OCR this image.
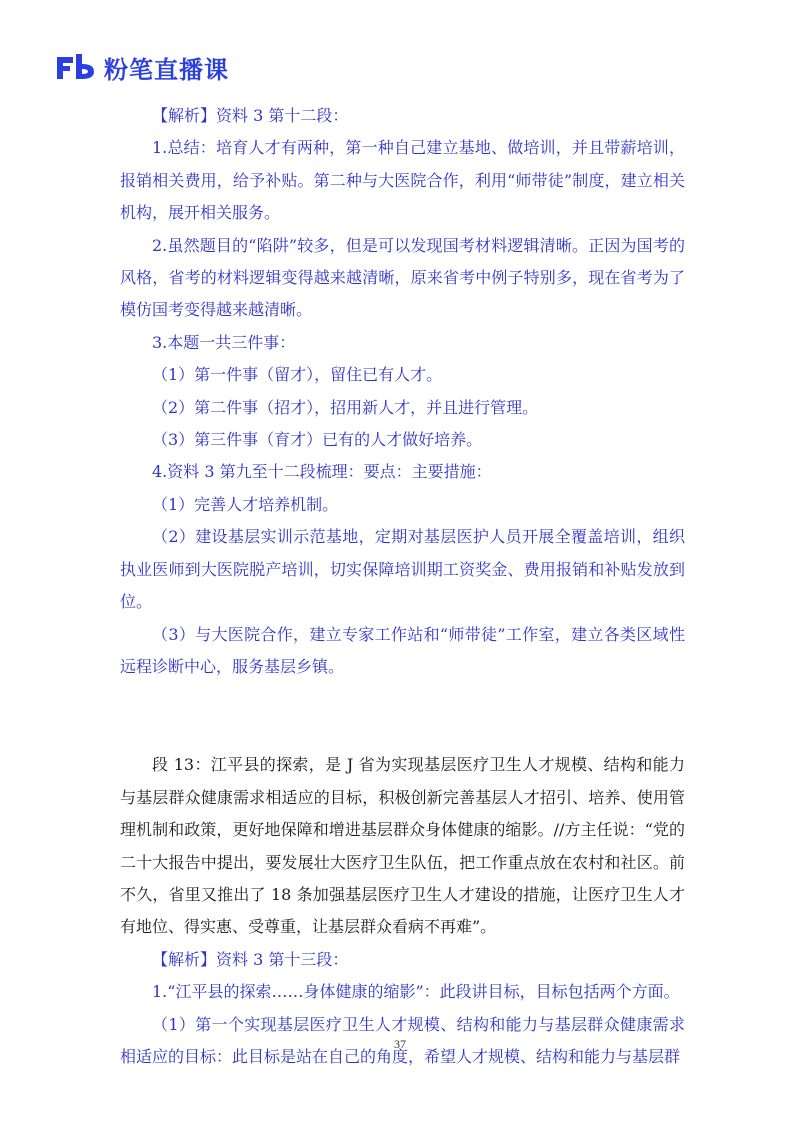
粉笔直播课

【解析】资料 3 第十二段：

1.总结：培育人才有两种，第一种自己建立基地、做培训，并且带薪培训，报销相关费用，给予补贴。第二种与大医院合作，利用“师带徒”制度，建立相关机构，展开相关服务。

2.虽然题目的“陷阱”较多，但是可以发现国考材料逻辑清晰。正因为国考的风格，省考的材料逻辑变得越来越清晰，原来省考中例子特别多，现在省考为了模仿国考变得越来越清晰。

3.本题一共三件事：

（1）第一件事（留才），留住已有人才。

（2）第二件事（招才），招用新人才，并且进行管理。

（3）第三件事（育才）已有的人才做好培养。

4.资料 3 第九至十二段梳理：要点：主要措施：

（1）完善人才培养机制。

（2）建设基层实训示范基地，定期对基层医护人员开展全覆盖培训，组织执业医师到大医院脱产培训，切实保障培训期工资奖金、费用报销和补贴发放到位。

（3）与大医院合作，建立专家工作站和“师带徒”工作室，建立各类区域性远程诊断中心，服务基层乡镇。

段 13：江平县的探索，是 J 省为实现基层医疗卫生人才规模、结构和能力与基层群众健康需求相适应的目标，积极创新完善基层人才招引、培养、使用管理机制和政策，更好地保障和增进基层群众身体健康的缩影。//方主任说：“党的二十大报告中提出，要发展壮大医疗卫生队伍，把工作重点放在农村和社区。前不久，省里又推出了 18 条加强基层医疗卫生人才建设的措施，让医疗卫生人才有地位、得实惠、受尊重，让基层群众看病不再难”。

【解析】资料 3 第十三段：

1.“江平县的探索……身体健康的缩影”：此段讲目标，目标包括两个方面。

（1）第一个实现基层医疗卫生人才规模、结构和能力与基层群众健康需求相适应的目标：此目标是站在自己的角度，希望人才规模、结构和能力与基层群

37
